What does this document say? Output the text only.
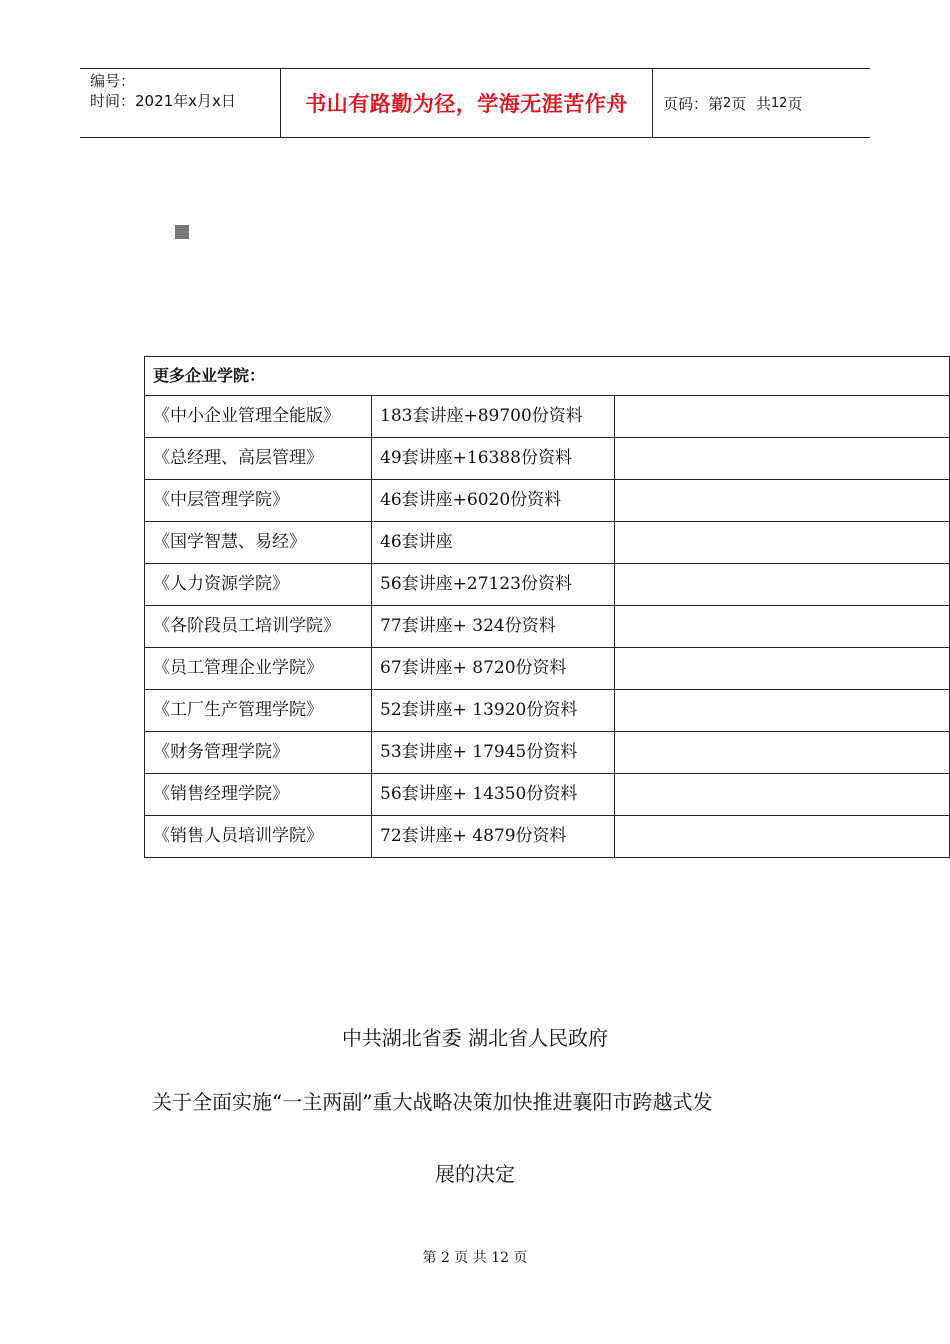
编号：
时间：2021年x月x日	书山有路勤为径，学海无涯苦作舟	页码：第 2 页  共 12 页
更多企业学院：		
《中小企业管理全能版》	183套讲座+89700份资料	
《总经理、高层管理》	49套讲座+16388份资料	
《中层管理学院》	46套讲座+6020份资料	
《国学智慧、易经》	46套讲座	
《人力资源学院》	56套讲座+27123份资料	
《各阶段员工培训学院》	77套讲座+ 324份资料	
《员工管理企业学院》	67套讲座+ 8720份资料	
《工厂生产管理学院》	52套讲座+ 13920份资料	
《财务管理学院》	53套讲座+ 17945份资料	
《销售经理学院》	56套讲座+ 14350份资料	
《销售人员培训学院》	72套讲座+ 4879份资料	
中共湖北省委 湖北省人民政府
关于全面实施“一主两副”重大战略决策加快推进襄阳市跨越式发
展的决定
第 2 页 共 12 页
